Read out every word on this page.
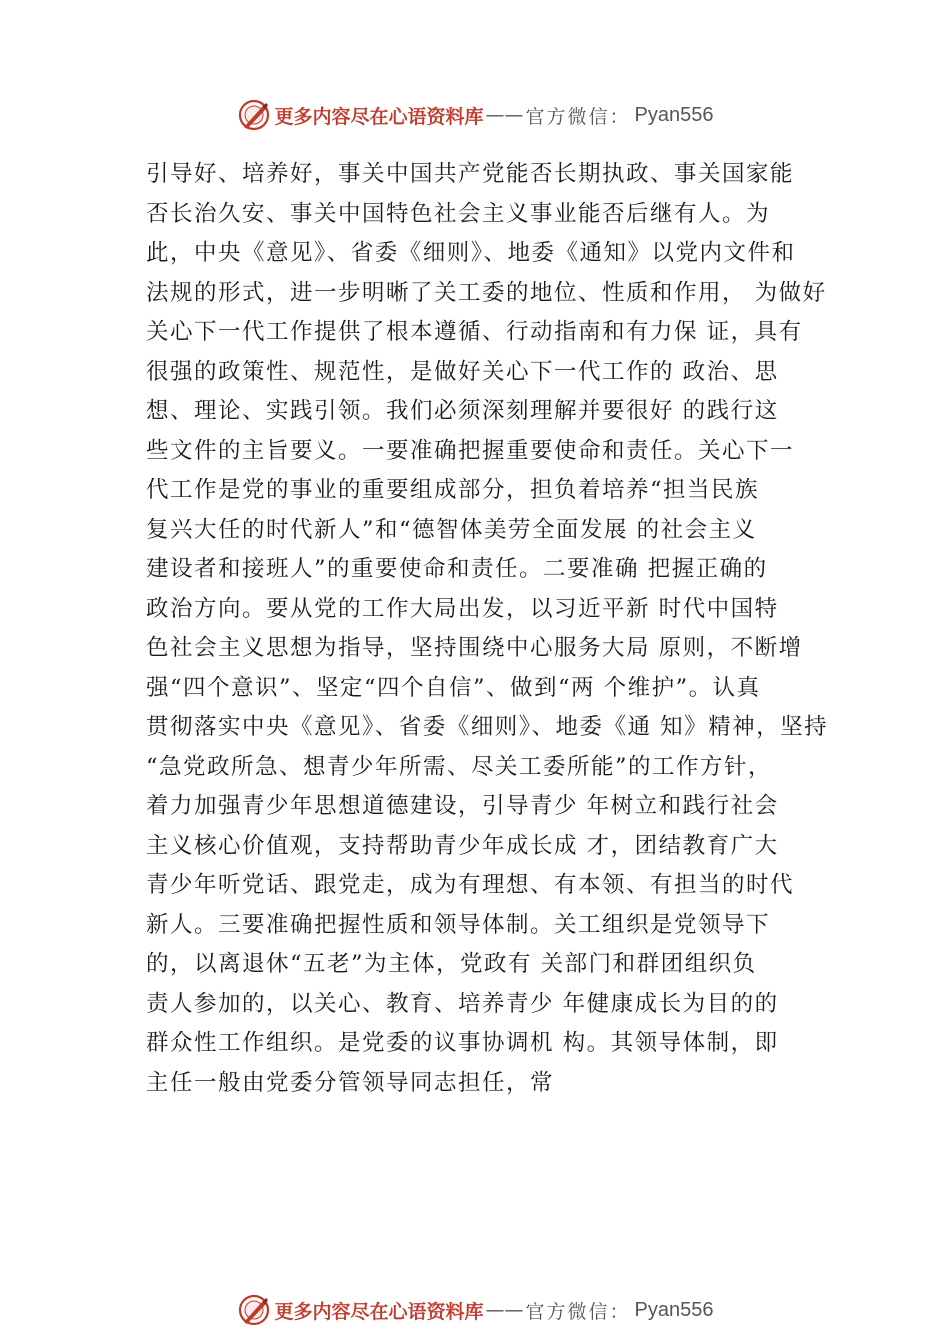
更多内容尽在心语资料库 —— 官方微信： Pyan556
引导好、培养好，事关中国共产党能否长期执政、事关国家能
否长治久安、事关中国特色社会主义事业能否后继有人。为
此，中央《意见》、省委《细则》、地委《通知》以党内文件和
法规的形式，进一步明晰了关工委的地位、性质和作用， 为做好
关心下一代工作提供了根本遵循、行动指南和有力保 证，具有
很强的政策性、规范性，是做好关心下一代工作的 政治、思
想、理论、实践引领。我们必须深刻理解并要很好 的践行这
些文件的主旨要义。一要准确把握重要使命和责任。关心下一
代工作是党的事业的重要组成部分，担负着培养“担当民族
复兴大任的时代新人”和“德智体美劳全面发展 的社会主义
建设者和接班人”的重要使命和责任。二要准确 把握正确的
政治方向。要从党的工作大局出发，以习近平新 时代中国特
色社会主义思想为指导，坚持围绕中心服务大局 原则，不断增
强“四个意识”、坚定“四个自信”、做到“两 个维护”。认真
贯彻落实中央《意见》、省委《细则》、地委《通 知》精神，坚持
“急党政所急、想青少年所需、尽关工委所能”的工作方针，
着力加强青少年思想道德建设，引导青少 年树立和践行社会
主义核心价值观，支持帮助青少年成长成 才，团结教育广大
青少年听党话、跟党走，成为有理想、有本领、有担当的时代
新人。三要准确把握性质和领导体制。关工组织是党领导下
的，以离退休“五老”为主体，党政有 关部门和群团组织负
责人参加的，以关心、教育、培养青少 年健康成长为目的的
群众性工作组织。是党委的议事协调机 构。其领导体制，即
主任一般由党委分管领导同志担任，常
更多内容尽在心语资料库 —— 官方微信： Pyan556
